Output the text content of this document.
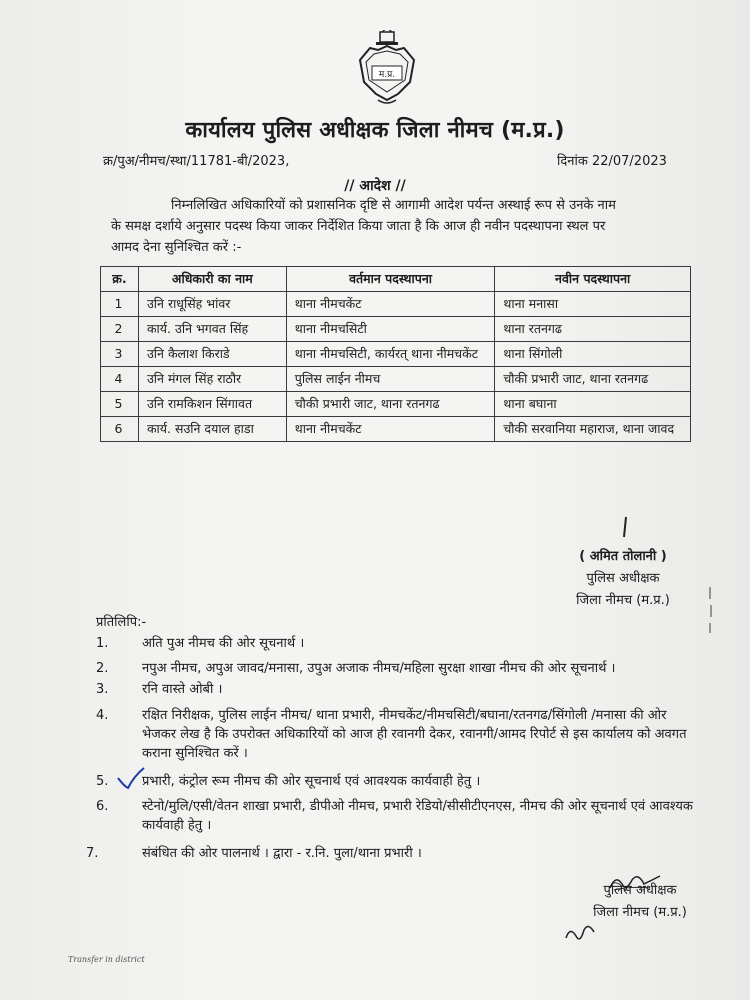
म.प्र.
कार्यालय पुलिस अधीक्षक जिला नीमच (म.प्र.)
क्र/पुअ/नीमच/स्था/11781-बी/2023,	दिनांक 22/07/2023
// आदेश //
निम्नलिखित अधिकारियों को प्रशासनिक दृष्टि से आगामी आदेश पर्यन्त अस्थाई रूप से उनके नाम
के समक्ष दर्शाये अनुसार पदस्थ किया जाकर निर्देशित किया जाता है कि आज ही नवीन पदस्थापना स्थल पर
आमद देना सुनिश्चित करें :-
क्र.	अधिकारी का नाम	वर्तमान पदस्थापना	नवीन पदस्थापना
1	उनि राधूसिंह भांवर	थाना नीमचकेंट	थाना मनासा
2	कार्य. उनि भगवत सिंह	थाना नीमचसिटी	थाना रतनगढ
3	उनि कैलाश किराडे	थाना नीमचसिटी, कार्यरत् थाना नीमचकेंट	थाना सिंगोली
4	उनि मंगल सिंह राठौर	पुलिस लाईन नीमच	चौकी प्रभारी जाट, थाना रतनगढ
5	उनि रामकिशन सिंगावत	चौकी प्रभारी जाट, थाना रतनगढ	थाना बघाना
6	कार्य. सउनि दयाल हाडा	थाना नीमचकेंट	चौकी सरवानिया महाराज, थाना जावद
( अमित तोलानी )
पुलिस अधीक्षक
जिला नीमच (म.प्र.)
प्रतिलिपि:-
1.	अति पुअ नीमच की ओर सूचनार्थ ।
2.	नपुअ नीमच, अपुअ जावद/मनासा, उपुअ अजाक नीमच/महिला सुरक्षा शाखा नीमच की ओर सूचनार्थ ।
3.	रनि वास्ते ओबी ।
4.	रक्षित निरीक्षक, पुलिस लाईन नीमच/ थाना प्रभारी, नीमचकेंट/नीमचसिटी/बघाना/रतनगढ/सिंगोली /मनासा की ओर भेजकर लेख है कि उपरोक्त अधिकारियों को आज ही रवानगी देकर, रवानगी/आमद रिपोर्ट से इस कार्यालय को अवगत कराना सुनिश्चित करें ।
5.	प्रभारी, कंट्रोल रूम नीमच की ओर सूचनार्थ एवं आवश्यक कार्यवाही हेतु ।
6.	स्टेनो/मुलि/एसी/वेतन शाखा प्रभारी, डीपीओ नीमच, प्रभारी रेडियो/सीसीटीएनएस, नीमच की ओर सूचनार्थ एवं आवश्यक कार्यवाही हेतु ।
7.	संबंधित की ओर पालनार्थ । द्वारा - र.नि. पुला/थाना प्रभारी ।
पुलिस अधीक्षक
जिला नीमच (म.प्र.)
Transfer in district
